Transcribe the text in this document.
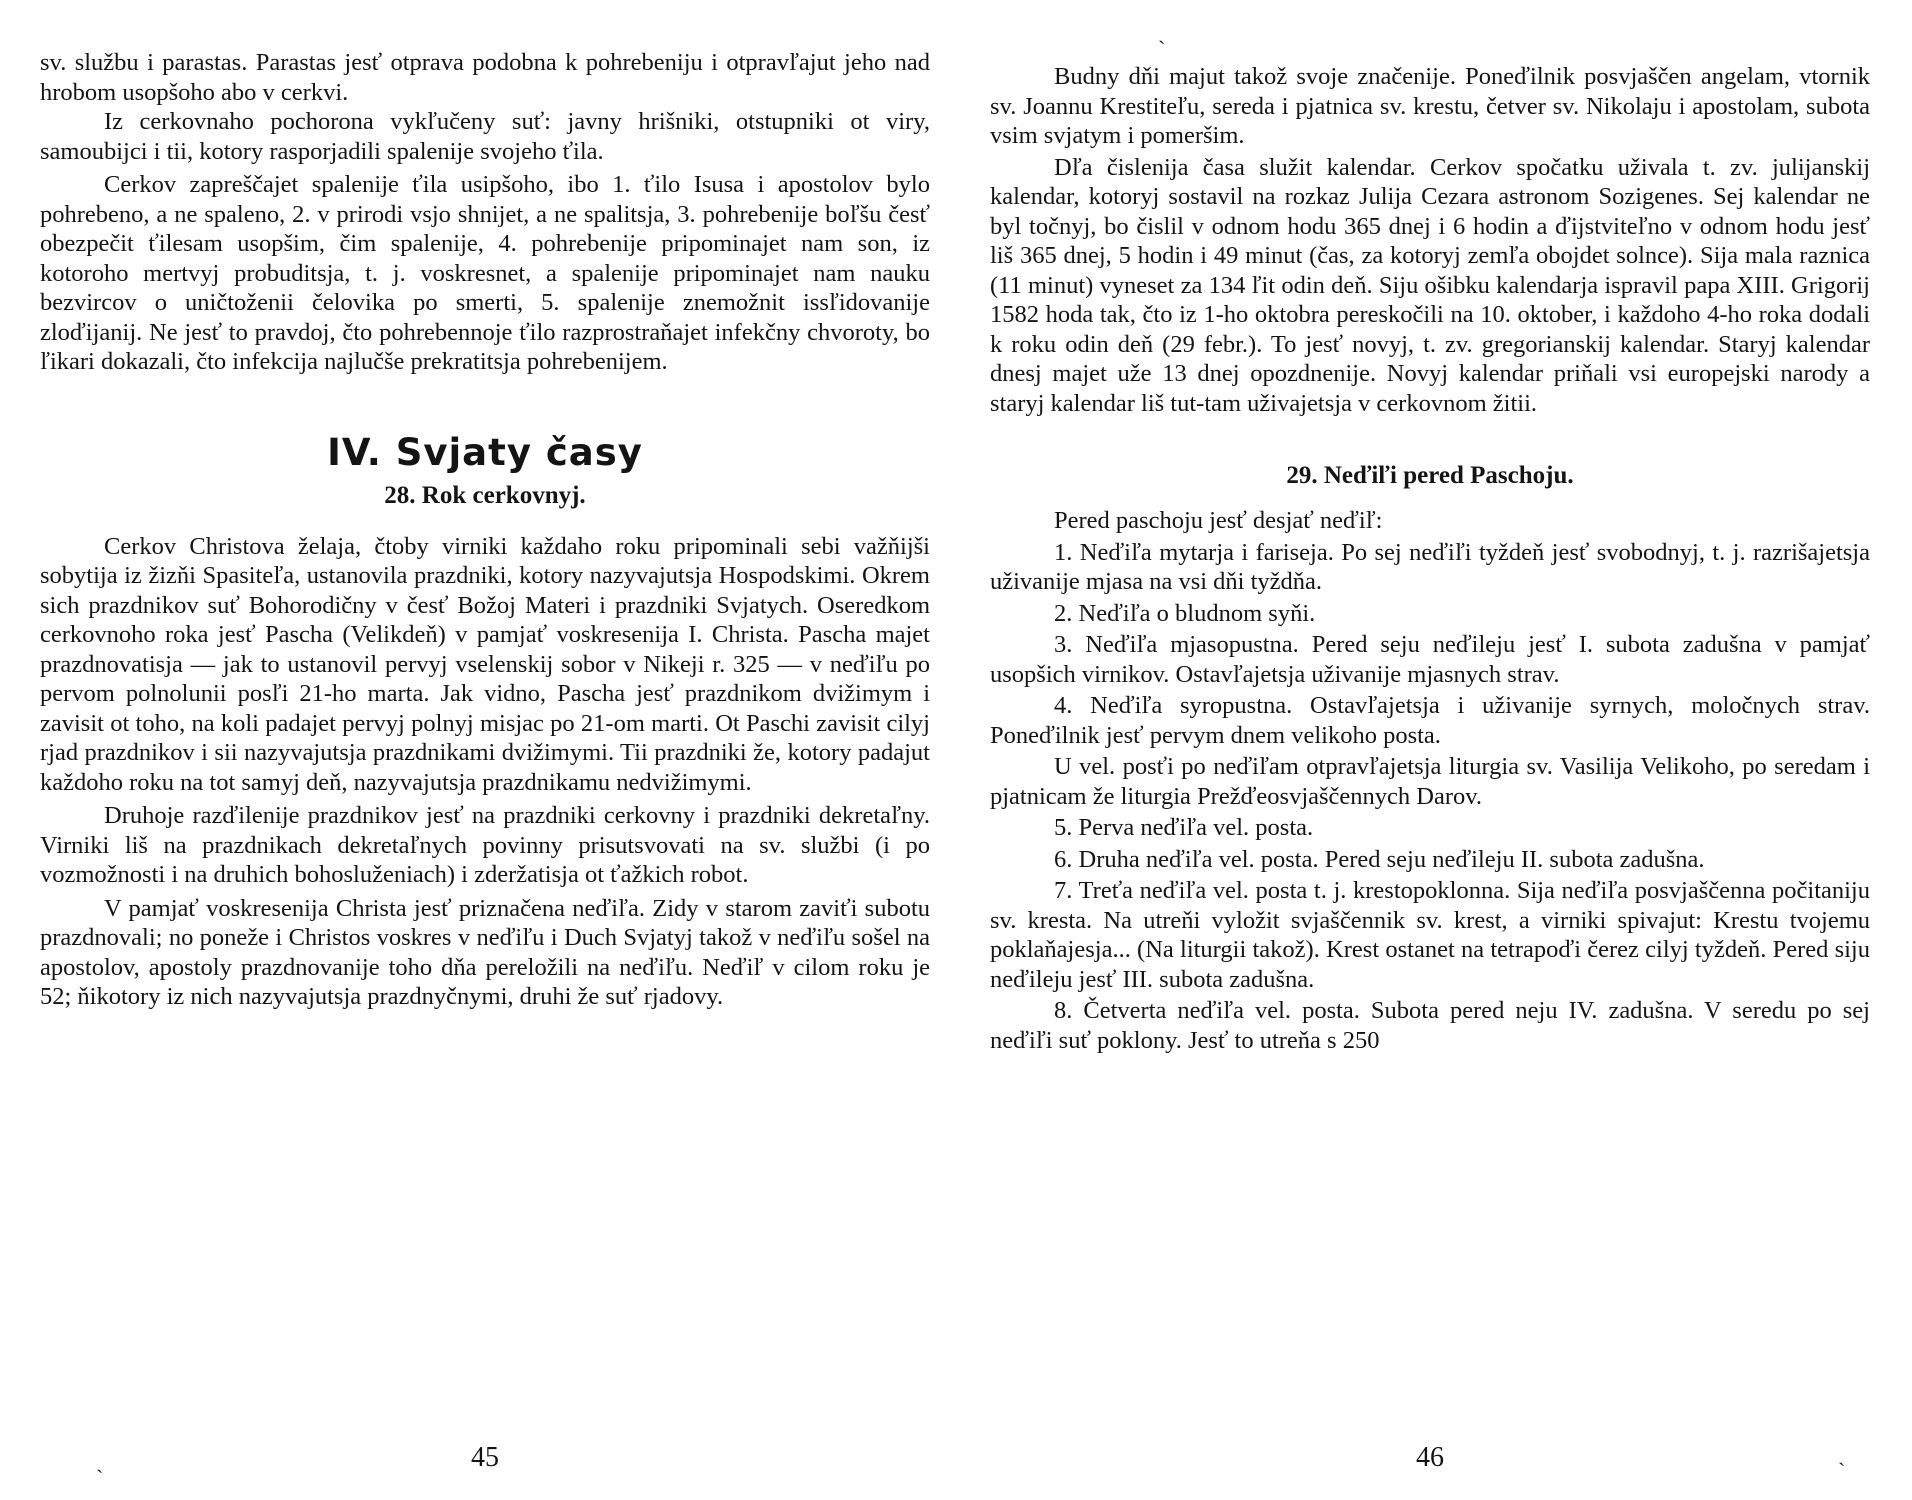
sv. službu i parastas. Parastas jesť otprava podobna k pohrebeniju i otpravľajut jeho nad hrobom usopšoho abo v cerkvi.

Iz cerkovnaho pochorona vykľučeny suť: javny hrišniki, otstupniki ot viry, samoubijci i tii, kotory rasporjadili spalenije svojeho ťila.

Cerkov zapreščajet spalenije ťila usipšoho, ibo 1. ťilo Isusa i apostolov bylo pohrebeno, a ne spaleno, 2. v prirodi vsjo shnijet, a ne spalitsja, 3. pohrebenije boľšu česť obezpečit ťilesam usopšim, čim spalenije, 4. pohrebenije pripominajet nam son, iz kotoroho mertvyj probuditsja, t. j. voskresnet, a spalenije pripominajet nam nauku bezvircov o uničtoženii čelovika po smerti, 5. spalenije znemožnit issľidovanije zloďijanij. Ne jesť to pravdoj, čto pohrebennoje ťilo razprostraňajet infekčny chvoroty, bo ľikari dokazali, čto infekcija najlučše prekratitsja pohrebenijem.

IV. Svjaty časy
28. Rok cerkovnyj.

Cerkov Christova želaja, čtoby virniki každaho roku pripominali sebi važňijši sobytija iz žizňi Spasiteľa, ustanovila prazdniki, kotory nazyvajutsja Hospodskimi. Okrem sich prazdnikov suť Bohorodičny v česť Božoj Materi i prazdniki Svjatych. Oseredkom cerkovnoho roka jesť Pascha (Velikdeň) v pamjať voskresenija I. Christa. Pascha majet prazdnovatisja — jak to ustanovil pervyj vselenskij sobor v Nikeji r. 325 — v neďiľu po pervom polnolunii posľi 21-ho marta. Jak vidno, Pascha jesť prazdnikom dvižimym i zavisit ot toho, na koli padajet pervyj polnyj misjac po 21-om marti. Ot Paschi zavisit cilyj rjad prazdnikov i sii nazyvajutsja prazdnikami dvižimymi. Tii prazdniki že, kotory padajut každoho roku na tot samyj deň, nazyvajutsja prazdnikamu nedvižimymi.

Druhoje razďilenije prazdnikov jesť na prazdniki cerkovny i prazdniki dekretaľny. Virniki liš na prazdnikach dekretaľnych povinny prisutsvovati na sv. službi (i po vozmožnosti i na druhich bohosluženiach) i zderžatisja ot ťažkich robot.

V pamjať voskresenija Christa jesť priznačena neďiľa. Zidy v starom zaviťi subotu prazdnovali; no poneže i Christos voskres v neďiľu i Duch Svjatyj takož v neďiľu sošel na apostolov, apostoly prazdnovanije toho dňa pereložili na neďiľu. Neďiľ v cilom roku je 52; ňikotory iz nich nazyvajutsja prazdnyčnymi, druhi že suť rjadovy.

45

Budny dňi majut takož svoje značenije. Poneďilnik posvjaščen angelam, vtornik sv. Joannu Krestiteľu, sereda i pjatnica sv. krestu, četver sv. Nikolaju i apostolam, subota vsim svjatym i pomeršim.

Dľa čislenija časa služit kalendar. Cerkov spočatku uživala t. zv. julijanskij kalendar, kotoryj sostavil na rozkaz Julija Cezara astronom Sozigenes. Sej kalendar ne byl točnyj, bo čislil v odnom hodu 365 dnej i 6 hodin a ďijstviteľno v odnom hodu jesť liš 365 dnej, 5 hodin i 49 minut (čas, za kotoryj zemľa obojdet solnce). Sija mala raznica (11 minut) vyneset za 134 ľit odin deň. Siju ošibku kalendarja ispravil papa XIII. Grigorij 1582 hoda tak, čto iz 1-ho oktobra pereskočili na 10. oktober, i každoho 4-ho roka dodali k roku odin deň (29 febr.). To jesť novyj, t. zv. gregorianskij kalendar. Staryj kalendar dnesj majet uže 13 dnej opozdnenije. Novyj kalendar priňali vsi europejski narody a staryj kalendar liš tut-tam uživajetsja v cerkovnom žitii.

29. Neďiľi pered Paschoju.

Pered paschoju jesť desjať neďiľ:

1. Neďiľa mytarja i fariseja. Po sej neďiľi tyždeň jesť svobodnyj, t. j. razrišajetsja uživanije mjasa na vsi dňi tyždňa.

2. Neďiľa o bludnom syňi.

3. Neďiľa mjasopustna. Pered seju neďileju jesť I. subota zadušna v pamjať usopšich virnikov. Ostavľajetsja uživanije mjasnych strav.

4. Neďiľa syropustna. Ostavľajetsja i uživanije syrnych, moločnych strav. Poneďilnik jesť pervym dnem velikoho posta.

U vel. posťi po neďiľam otpravľajetsja liturgia sv. Vasilija Velikoho, po seredam i pjatnicam že liturgia Prežďeosvjaščennych Darov.

5. Perva neďiľa vel. posta.

6. Druha neďiľa vel. posta. Pered seju neďileju II. subota zadušna.

7. Treťa neďiľa vel. posta t. j. krestopoklonna. Sija neďiľa posvjaščenna počitaniju sv. kresta. Na utreňi vyložit svjaščennik sv. krest, a virniki spivajut: Krestu tvojemu poklaňajesja... (Na liturgii takož). Krest ostanet na tetrapoďi čerez cilyj tyždeň. Pered siju neďileju jesť III. subota zadušna.

8. Četverta neďiľa vel. posta. Subota pered neju IV. zadušna. V seredu po sej neďiľi suť poklony. Jesť to utreňa s 250

46
ˋ
ˏ	ˋ
